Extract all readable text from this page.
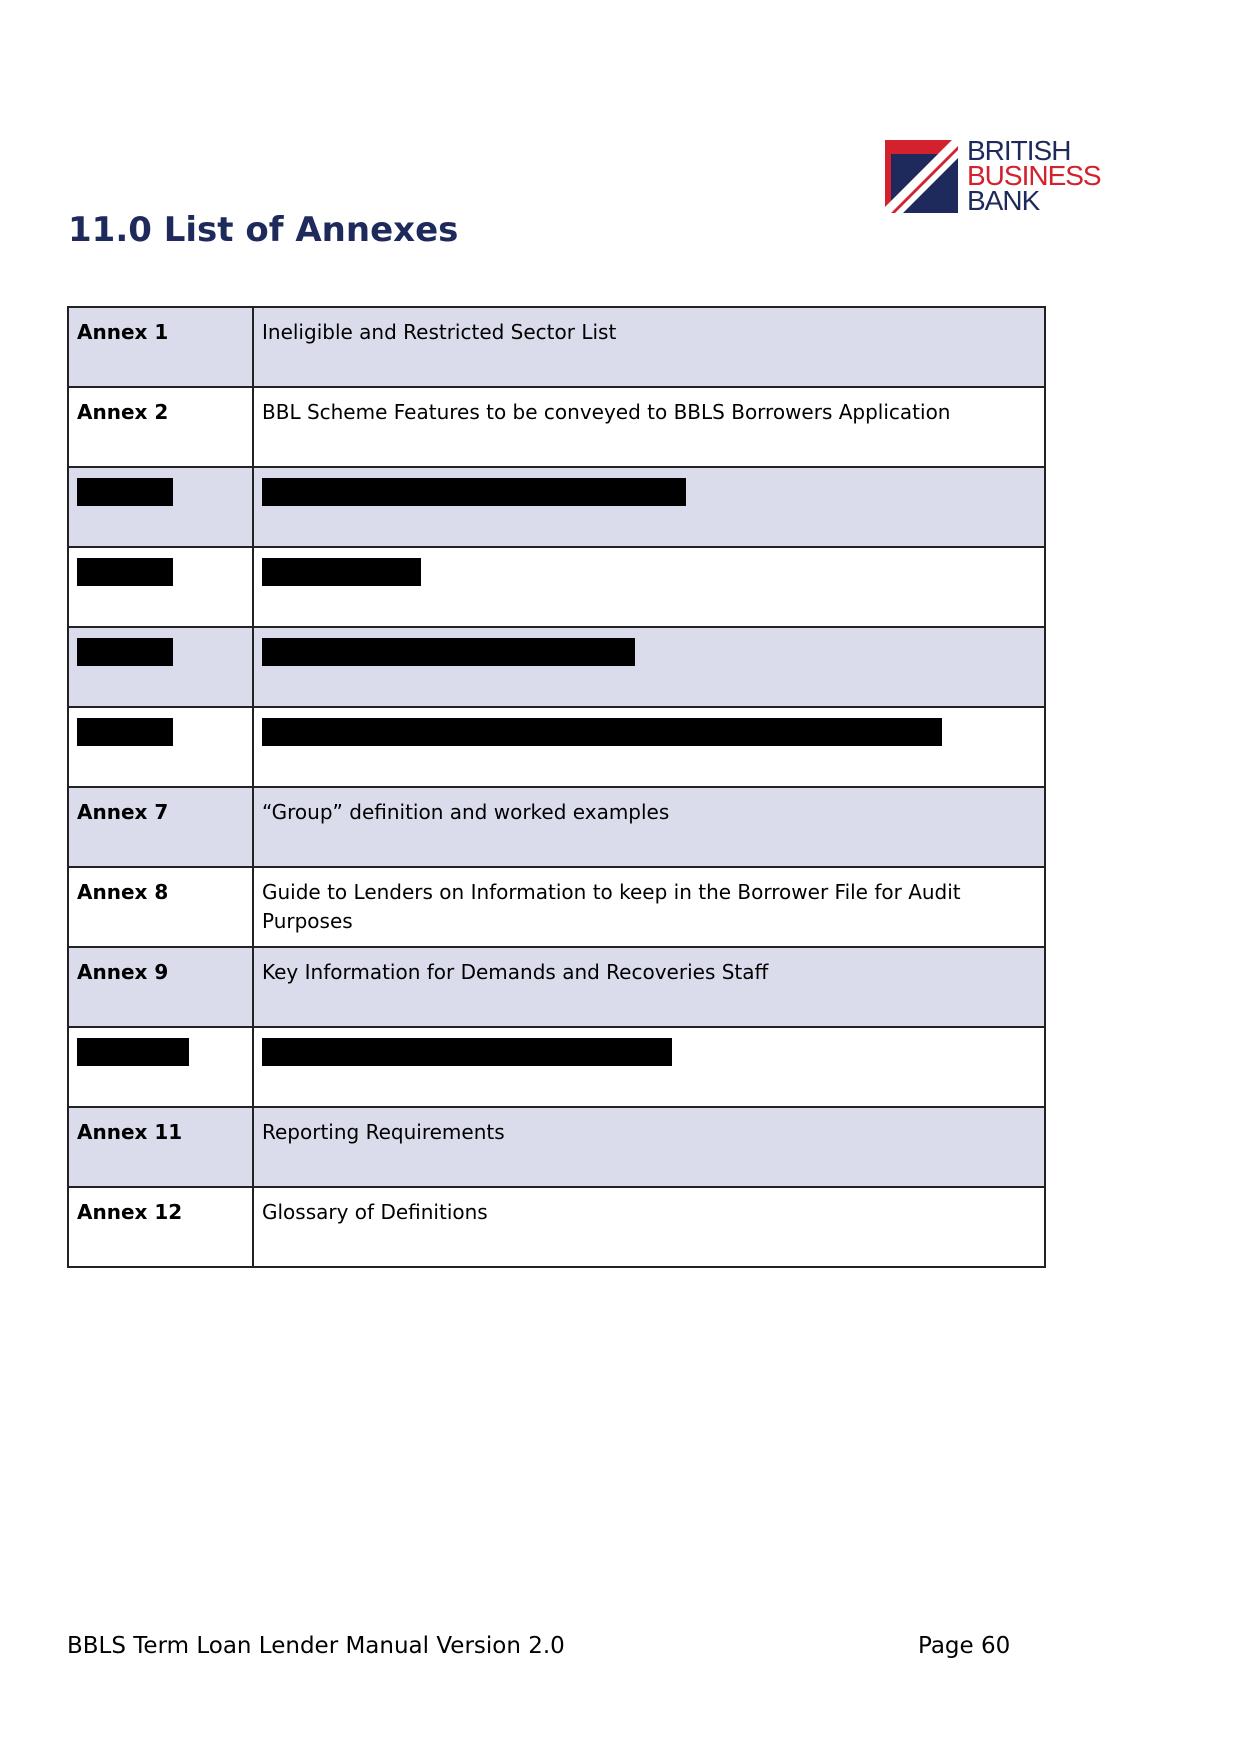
BRITISH
BUSINESS
BANK
11.0 List of Annexes
Annex 1	Ineligible and Restricted Sector List
Annex 2	BBL Scheme Features to be conveyed to BBLS Borrowers Application

Annex 7	“Group” definition and worked examples
Annex 8	Guide to Lenders on Information to keep in the Borrower File for Audit Purposes
Annex 9	Key Information for Demands and Recoveries Staff

Annex 11	Reporting Requirements
Annex 12	Glossary of Definitions
BBLS Term Loan Lender Manual Version 2.0	Page 60
